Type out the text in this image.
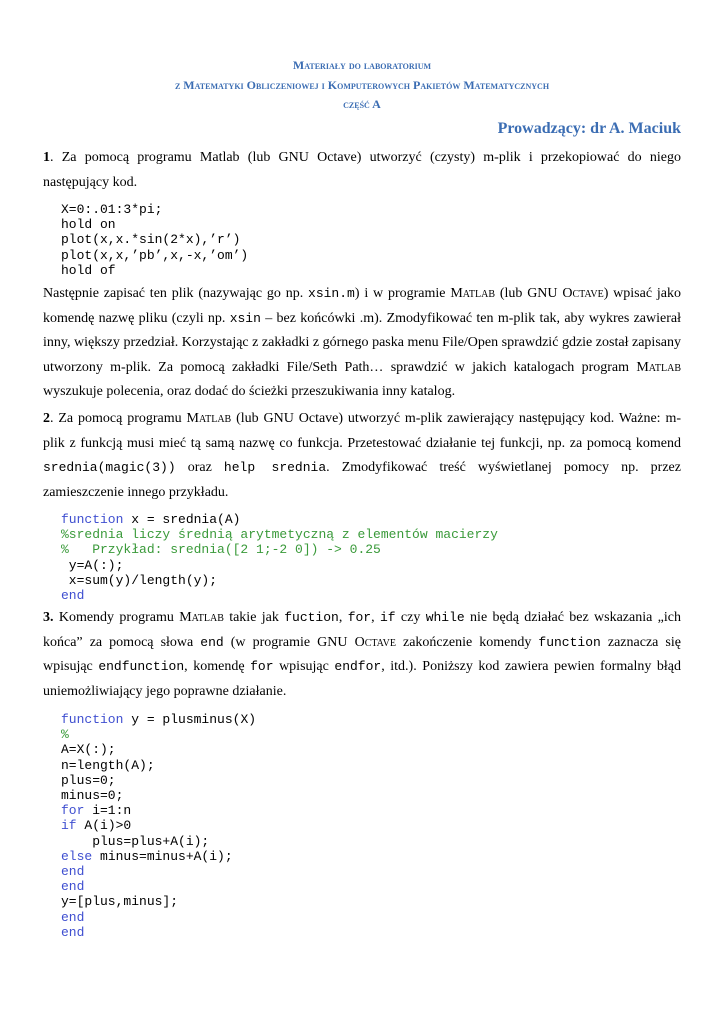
Materiały do laboratorium
z Matematyki Obliczeniowej i Komputerowych Pakietów Matematycznych
część A
Prowadzący: dr A. Maciuk
1. Za pomocą programu Matlab (lub GNU Octave) utworzyć (czysty) m-plik i przekopiować do niego następujący kod.
X=0:.01:3*pi;
hold on
plot(x,x.*sin(2*x),’r’)
plot(x,x,’pb’,x,-x,’om’)
hold of
Następnie zapisać ten plik (nazywając go np. xsin.m) i w programie Matlab (lub GNU Octave) wpisać jako komendę nazwę pliku (czyli np. xsin – bez końcówki .m). Zmodyfikować ten m-plik tak, aby wykres zawierał inny, większy przedział. Korzystając z zakładki z górnego paska menu File/Open sprawdzić gdzie został zapisany utworzony m-plik. Za pomocą zakładki File/Seth Path… sprawdzić w jakich katalogach program Matlab wyszukuje polecenia, oraz dodać do ścieżki przeszukiwania inny katalog.
2. Za pomocą programu Matlab (lub GNU Octave) utworzyć m-plik zawierający następujący kod. Ważne: m-plik z funkcją musi mieć tą samą nazwę co funkcja. Przetestować działanie tej funkcji, np. za pomocą komend srednia(magic(3)) oraz help srednia. Zmodyfikować treść wyświetlanej pomocy np. przez zamieszczenie innego przykładu.
function x = srednia(A)
%srednia liczy średnią arytmetyczną z elementów macierzy
%   Przykład: srednia([2 1;-2 0]) -> 0.25
y=A(:);
x=sum(y)/length(y);
end
3. Komendy programu Matlab takie jak fuction, for, if czy while nie będą działać bez wskazania „ich końca” za pomocą słowa end (w programie GNU Octave zakończenie komendy function zaznacza się wpisując endfunction, komendę for wpisując endfor, itd.). Poniższy kod zawiera pewien formalny błąd uniemożliwiający jego poprawne działanie.
function y = plusminus(X)
%
A=X(:);
n=length(A);
plus=0;
minus=0;
for i=1:n
if A(i)>0
plus=plus+A(i);
else minus=minus+A(i);
end
end
y=[plus,minus];
end
end
